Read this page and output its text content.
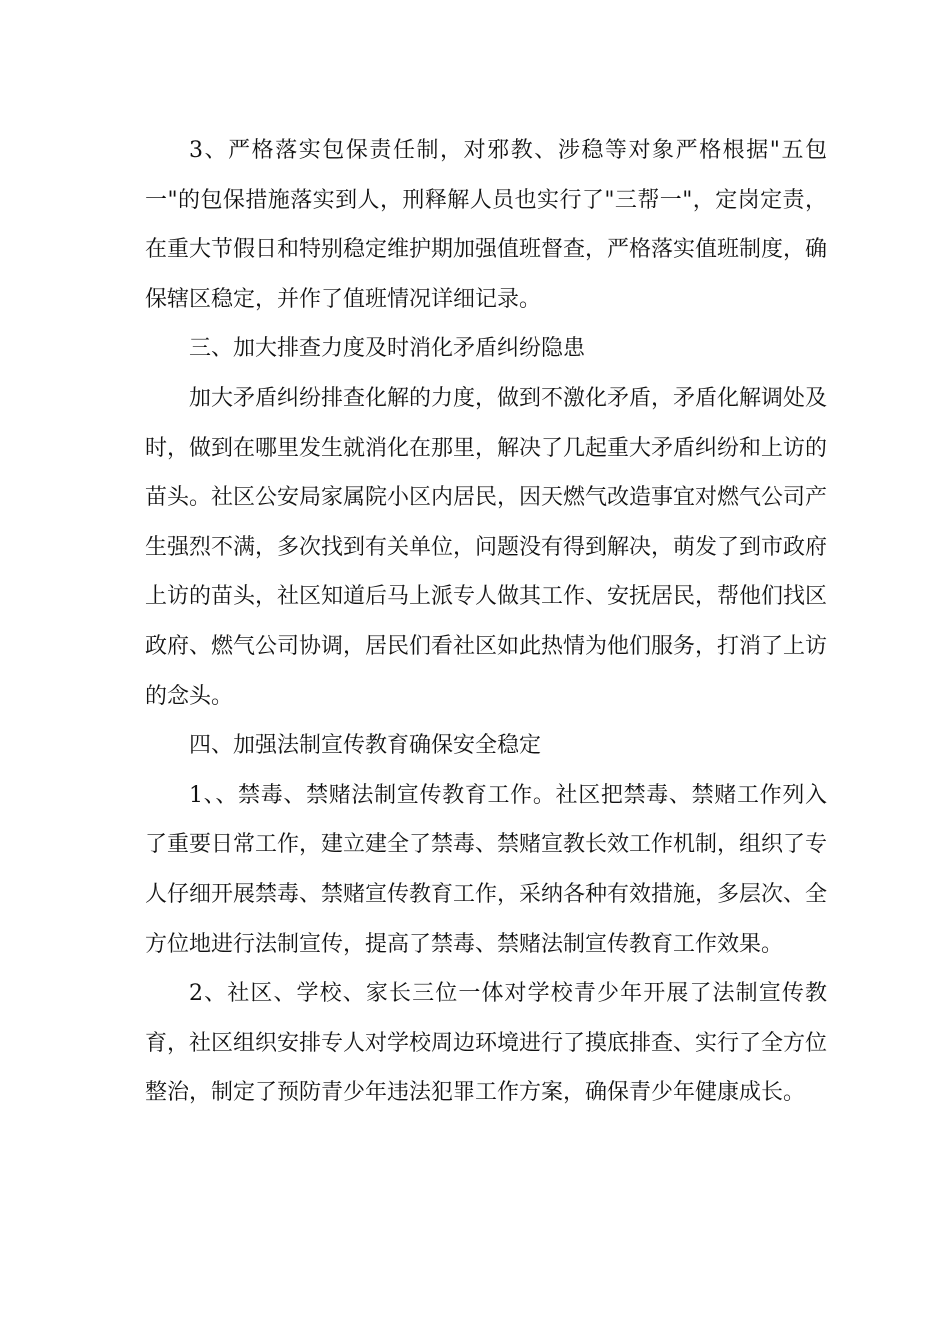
3、严格落实包保责任制，对邪教、涉稳等对象严格根据"五包一"的包保措施落实到人，刑释解人员也实行了"三帮一"，定岗定责，在重大节假日和特别稳定维护期加强值班督查，严格落实值班制度，确保辖区稳定，并作了值班情况详细记录。

三、加大排查力度及时消化矛盾纠纷隐患

加大矛盾纠纷排查化解的力度，做到不激化矛盾，矛盾化解调处及时，做到在哪里发生就消化在那里，解决了几起重大矛盾纠纷和上访的苗头。社区公安局家属院小区内居民，因天燃气改造事宜对燃气公司产生强烈不满，多次找到有关单位，问题没有得到解决，萌发了到市政府上访的苗头，社区知道后马上派专人做其工作、安抚居民，帮他们找区政府、燃气公司协调，居民们看社区如此热情为他们服务，打消了上访的念头。

四、加强法制宣传教育确保安全稳定

1、、禁毒、禁赌法制宣传教育工作。社区把禁毒、禁赌工作列入了重要日常工作，建立建全了禁毒、禁赌宣教长效工作机制，组织了专人仔细开展禁毒、禁赌宣传教育工作，采纳各种有效措施，多层次、全方位地进行法制宣传，提高了禁毒、禁赌法制宣传教育工作效果。

2、社区、学校、家长三位一体对学校青少年开展了法制宣传教育，社区组织安排专人对学校周边环境进行了摸底排查、实行了全方位整治，制定了预防青少年违法犯罪工作方案，确保青少年健康成长。
